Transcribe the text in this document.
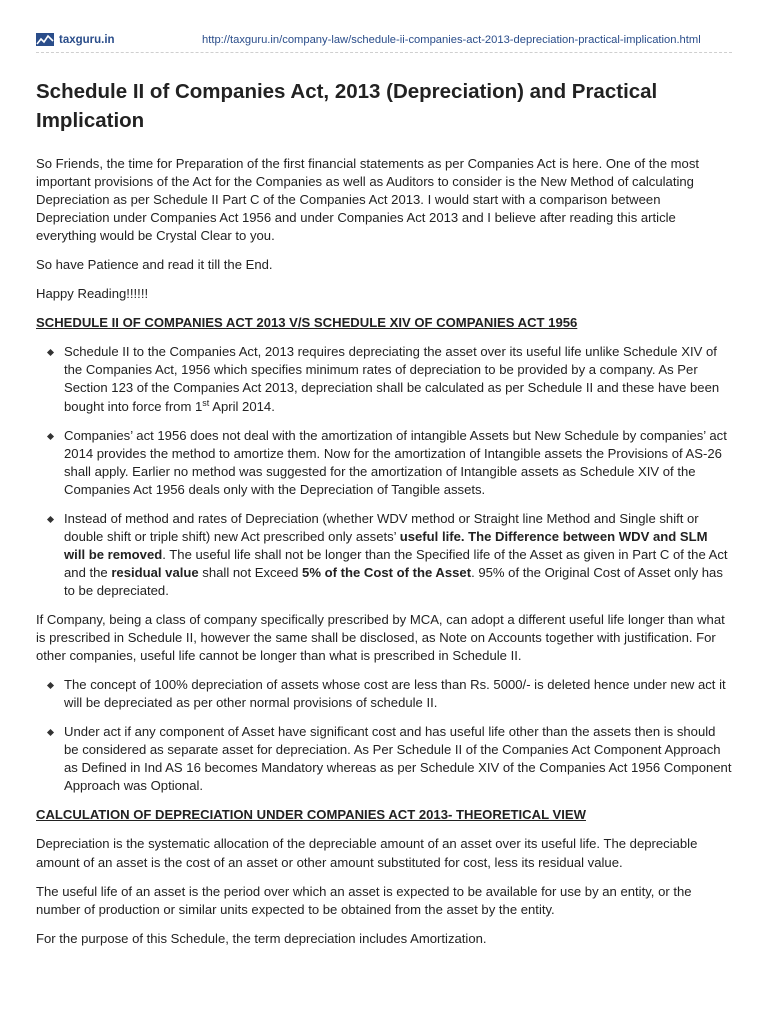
taxguru.in	http://taxguru.in/company-law/schedule-ii-companies-act-2013-depreciation-practical-implication.html
Schedule II of Companies Act, 2013 (Depreciation) and Practical Implication

So Friends, the time for Preparation of the first financial statements as per Companies Act is here. One of the most important provisions of the Act for the Companies as well as Auditors to consider is the New Method of calculating Depreciation as per Schedule II Part C of the Companies Act 2013. I would start with a comparison between Depreciation under Companies Act 1956 and under Companies Act 2013 and I believe after reading this article everything would be Crystal Clear to you.

So have Patience and read it till the End.

Happy Reading!!!!!!

SCHEDULE II OF COMPANIES ACT 2013 V/S SCHEDULE XIV OF COMPANIES ACT 1956
Schedule II to the Companies Act, 2013 requires depreciating the asset over its useful life unlike Schedule XIV of the Companies Act, 1956 which specifies minimum rates of depreciation to be provided by a company. As Per Section 123 of the Companies Act 2013, depreciation shall be calculated as per Schedule II and these have been bought into force from 1st April 2014.
Companies’ act 1956 does not deal with the amortization of intangible Assets but New Schedule by companies’ act 2014 provides the method to amortize them. Now for the amortization of Intangible assets the Provisions of AS-26 shall apply. Earlier no method was suggested for the amortization of Intangible assets as Schedule XIV of the Companies Act 1956 deals only with the Depreciation of Tangible assets.
Instead of method and rates of Depreciation (whether WDV method or Straight line Method and Single shift or double shift or triple shift) new Act prescribed only assets’ useful life. The Difference between WDV and SLM will be removed. The useful life shall not be longer than the Specified life of the Asset as given in Part C of the Act and the residual value shall not Exceed 5% of the Cost of the Asset. 95% of the Original Cost of Asset only has to be depreciated.

If Company, being a class of company specifically prescribed by MCA, can adopt a different useful life longer than what is prescribed in Schedule II, however the same shall be disclosed, as Note on Accounts together with justification. For other companies, useful life cannot be longer than what is prescribed in Schedule II.

The concept of 100% depreciation of assets whose cost are less than Rs. 5000/- is deleted hence under new act it will be depreciated as per other normal provisions of schedule II.
Under act if any component of Asset have significant cost and has useful life other than the assets then is should be considered as separate asset for depreciation. As Per Schedule II of the Companies Act Component Approach as Defined in Ind AS 16 becomes Mandatory whereas as per Schedule XIV of the Companies Act 1956 Component Approach was Optional.
CALCULATION OF DEPRECIATION UNDER COMPANIES ACT 2013- THEORETICAL VIEW

Depreciation is the systematic allocation of the depreciable amount of an asset over its useful life. The depreciable amount of an asset is the cost of an asset or other amount substituted for cost, less its residual value.

The useful life of an asset is the period over which an asset is expected to be available for use by an entity, or the number of production or similar units expected to be obtained from the asset by the entity.

For the purpose of this Schedule, the term depreciation includes Amortization.
